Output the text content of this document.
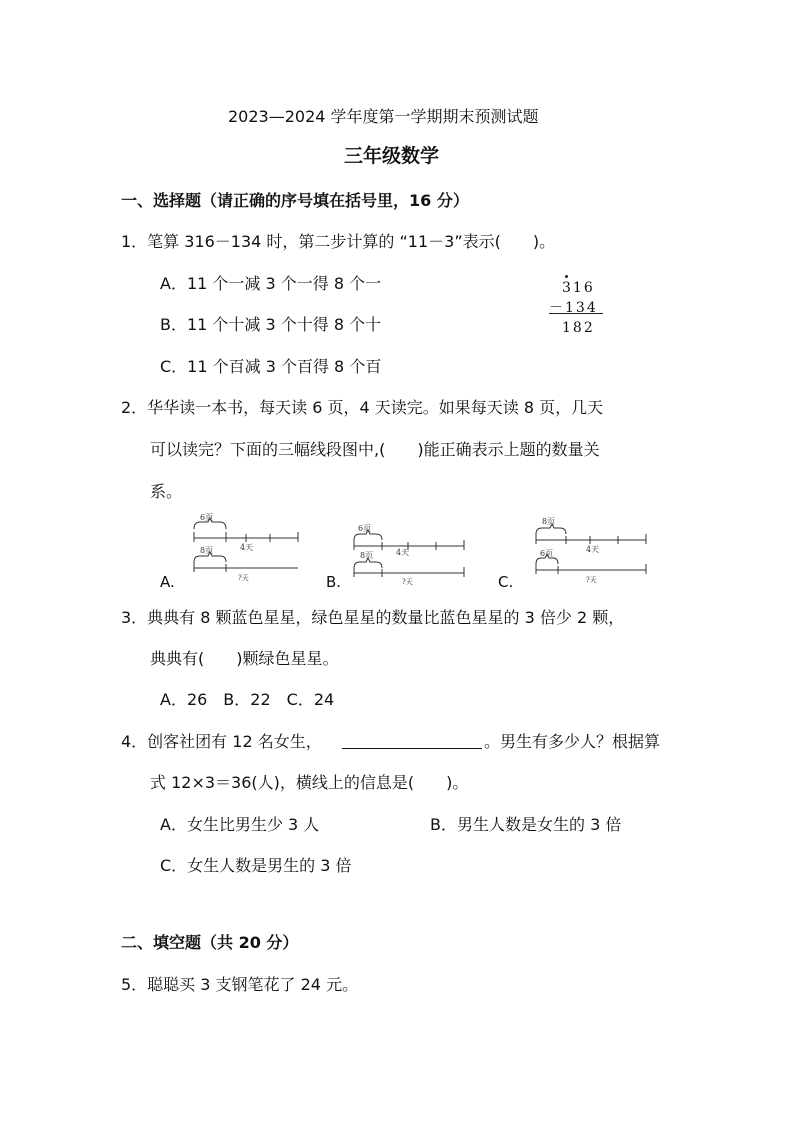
2023—2024 学年度第一学期期末预测试题
三年级数学
一、选择题（请正确的序号填在括号里，16 分）
1．笔算 316－134 时，第二步计算的 “11－3”表示(　　)。
A．11 个一减 3 个一得 8 个一
B．11 个十减 3 个十得 8 个十
C．11 个百减 3 个百得 8 个百
316
－134
182
2．华华读一本书，每天读 6 页，4 天读完。如果每天读 8 页，几天
可以读完？下面的三幅线段图中,(　　)能正确表示上题的数量关
系。
A.
6页
4天
8页
?天	B.
6页
4天
8页
?天	C.
8页
4天
6页
?天
3．典典有 8 颗蓝色星星，绿色星星的数量比蓝色星星的 3 倍少 2 颗，
典典有(　　)颗绿色星星。
A．26　B．22　C．24
4．创客社团有 12 名女生，	。男生有多少人？根据算
式 12×3＝36(人)，横线上的信息是(　　)。
A．女生比男生少 3 人	B．男生人数是女生的 3 倍
C．女生人数是男生的 3 倍
二、填空题（共 20 分）
5．聪聪买 3 支钢笔花了 24 元。
